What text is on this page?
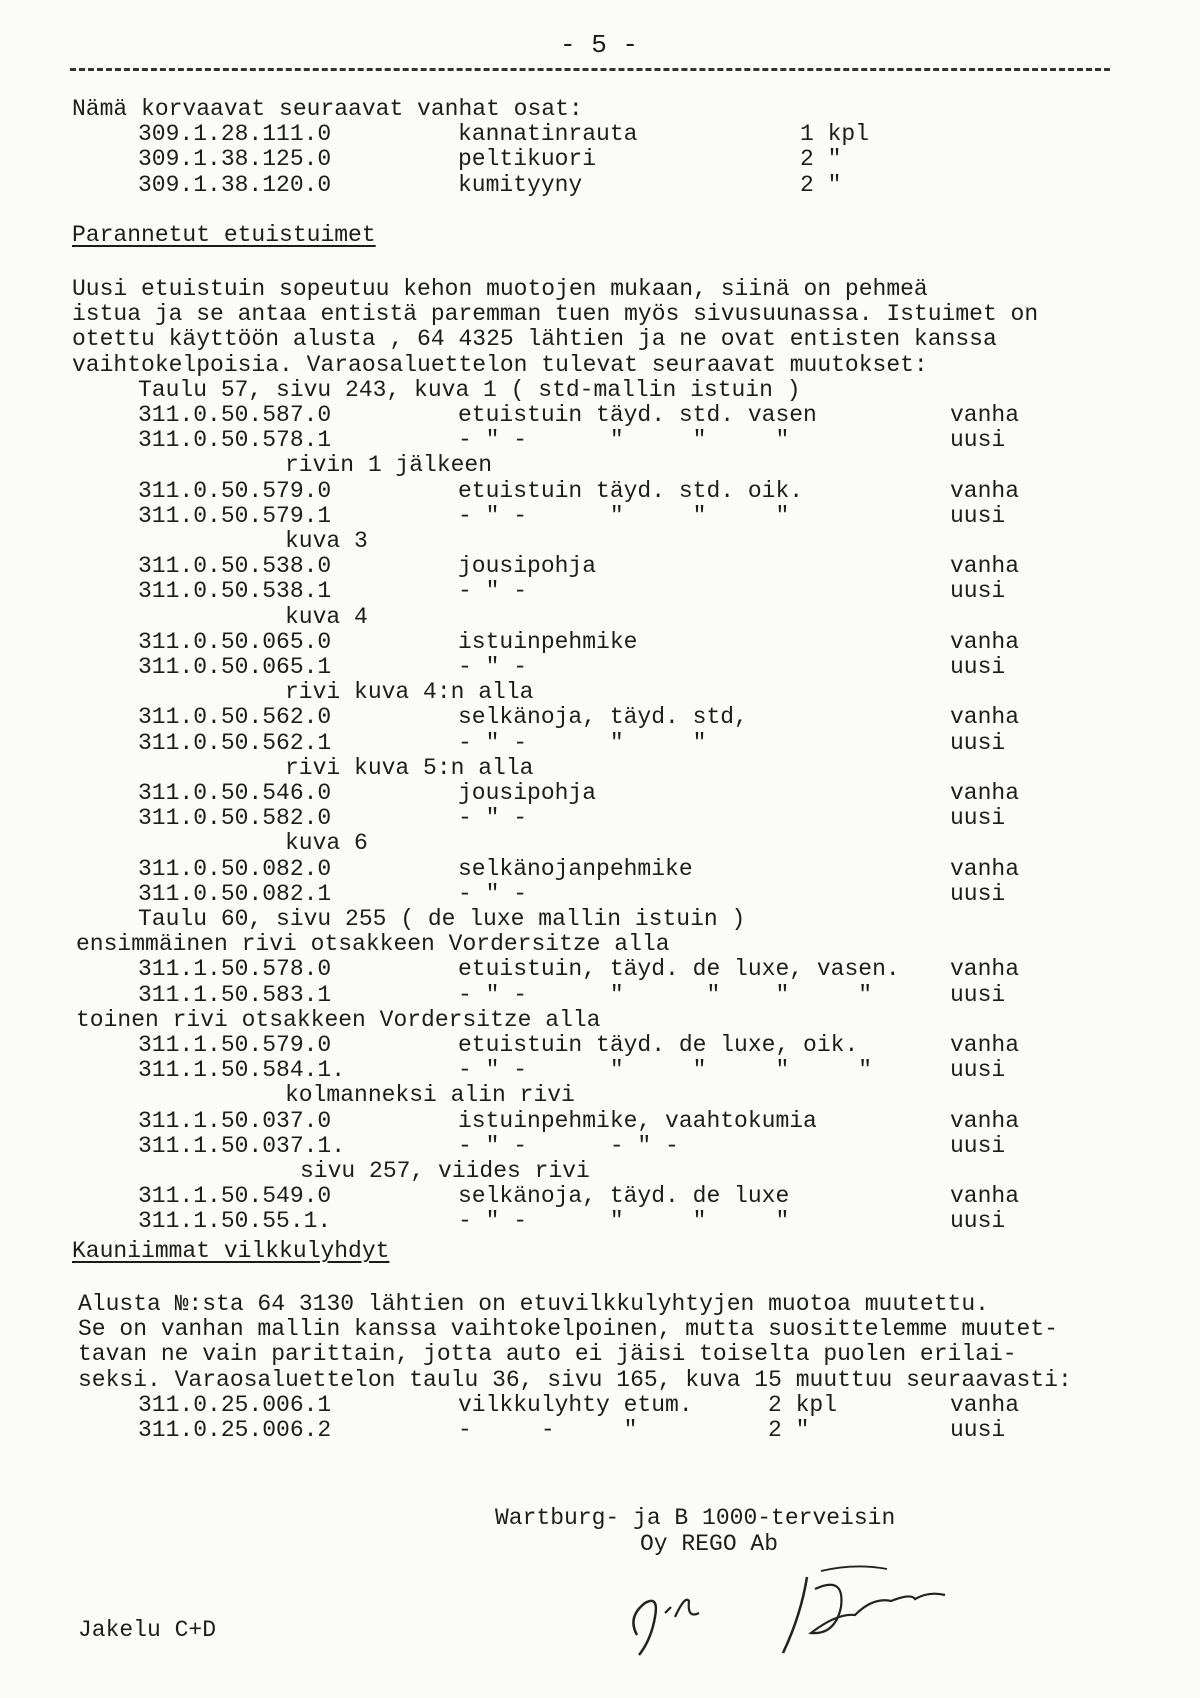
- 5 -
Nämä korvaavat seuraavat vanhat osat:
309.1.28.111.0	kannatinrauta	1 kpl
309.1.38.125.0	peltikuori	2 "
309.1.38.120.0	kumityyny	2 "
Parannetut etuistuimet
Uusi etuistuin sopeutuu kehon muotojen mukaan, siinä on pehmeä
istua ja se antaa entistä paremman tuen myös sivusuunassa. Istuimet on
otettu käyttöön alusta , 64 4325 lähtien ja ne ovat entisten kanssa
vaihtokelpoisia. Varaosaluettelon tulevat seuraavat muutokset:
Taulu 57, sivu 243, kuva 1 ( std-mallin istuin )
311.0.50.587.0	etuistuin täyd. std. vasen	vanha
311.0.50.578.1	- " -      "     "     "	uusi
rivin 1 jälkeen
311.0.50.579.0	etuistuin täyd. std. oik.	vanha
311.0.50.579.1	- " -      "     "     "	uusi
kuva 3
311.0.50.538.0	jousipohja	vanha
311.0.50.538.1	- " -	uusi
kuva 4
311.0.50.065.0	istuinpehmike	vanha
311.0.50.065.1	- " -	uusi
rivi kuva 4:n alla
311.0.50.562.0	selkänoja, täyd. std,	vanha
311.0.50.562.1	- " -      "     "	uusi
rivi kuva 5:n alla
311.0.50.546.0	jousipohja	vanha
311.0.50.582.0	- " -	uusi
kuva 6
311.0.50.082.0	selkänojanpehmike	vanha
311.0.50.082.1	- " -	uusi
Taulu 60, sivu 255 ( de luxe mallin istuin )
ensimmäinen rivi otsakkeen Vordersitze alla
311.1.50.578.0	etuistuin, täyd. de luxe, vasen. vanha
311.1.50.583.1	- " -      "      "    "     "	uusi
toinen rivi otsakkeen Vordersitze alla
311.1.50.579.0	etuistuin täyd. de luxe, oik.	vanha
311.1.50.584.1.	- " -      "     "     "     "	uusi
kolmanneksi alin rivi
311.1.50.037.0	istuinpehmike, vaahtokumia	vanha
311.1.50.037.1.	- " -      - " -	uusi
sivu 257, viides rivi
311.1.50.549.0	selkänoja, täyd. de luxe	vanha
311.1.50.55.1.	- " -      "     "     "	uusi
Kauniimmat vilkkulyhdyt
Alusta №:sta 64 3130 lähtien on etuvilkkulyhtyjen muotoa muutettu.
Se on vanhan mallin kanssa vaihtokelpoinen, mutta suosittelemme muutet-
tavan ne vain parittain, jotta auto ei jäisi toiselta puolen erilai-
seksi. Varaosaluettelon taulu 36, sivu 165, kuva 15 muuttuu seuraavasti:
311.0.25.006.1	vilkkulyhty etum.	2 kpl	vanha
311.0.25.006.2	-     -     "	2 "	uusi
Wartburg- ja B 1000-terveisin
Oy REGO Ab
Jakelu C+D
